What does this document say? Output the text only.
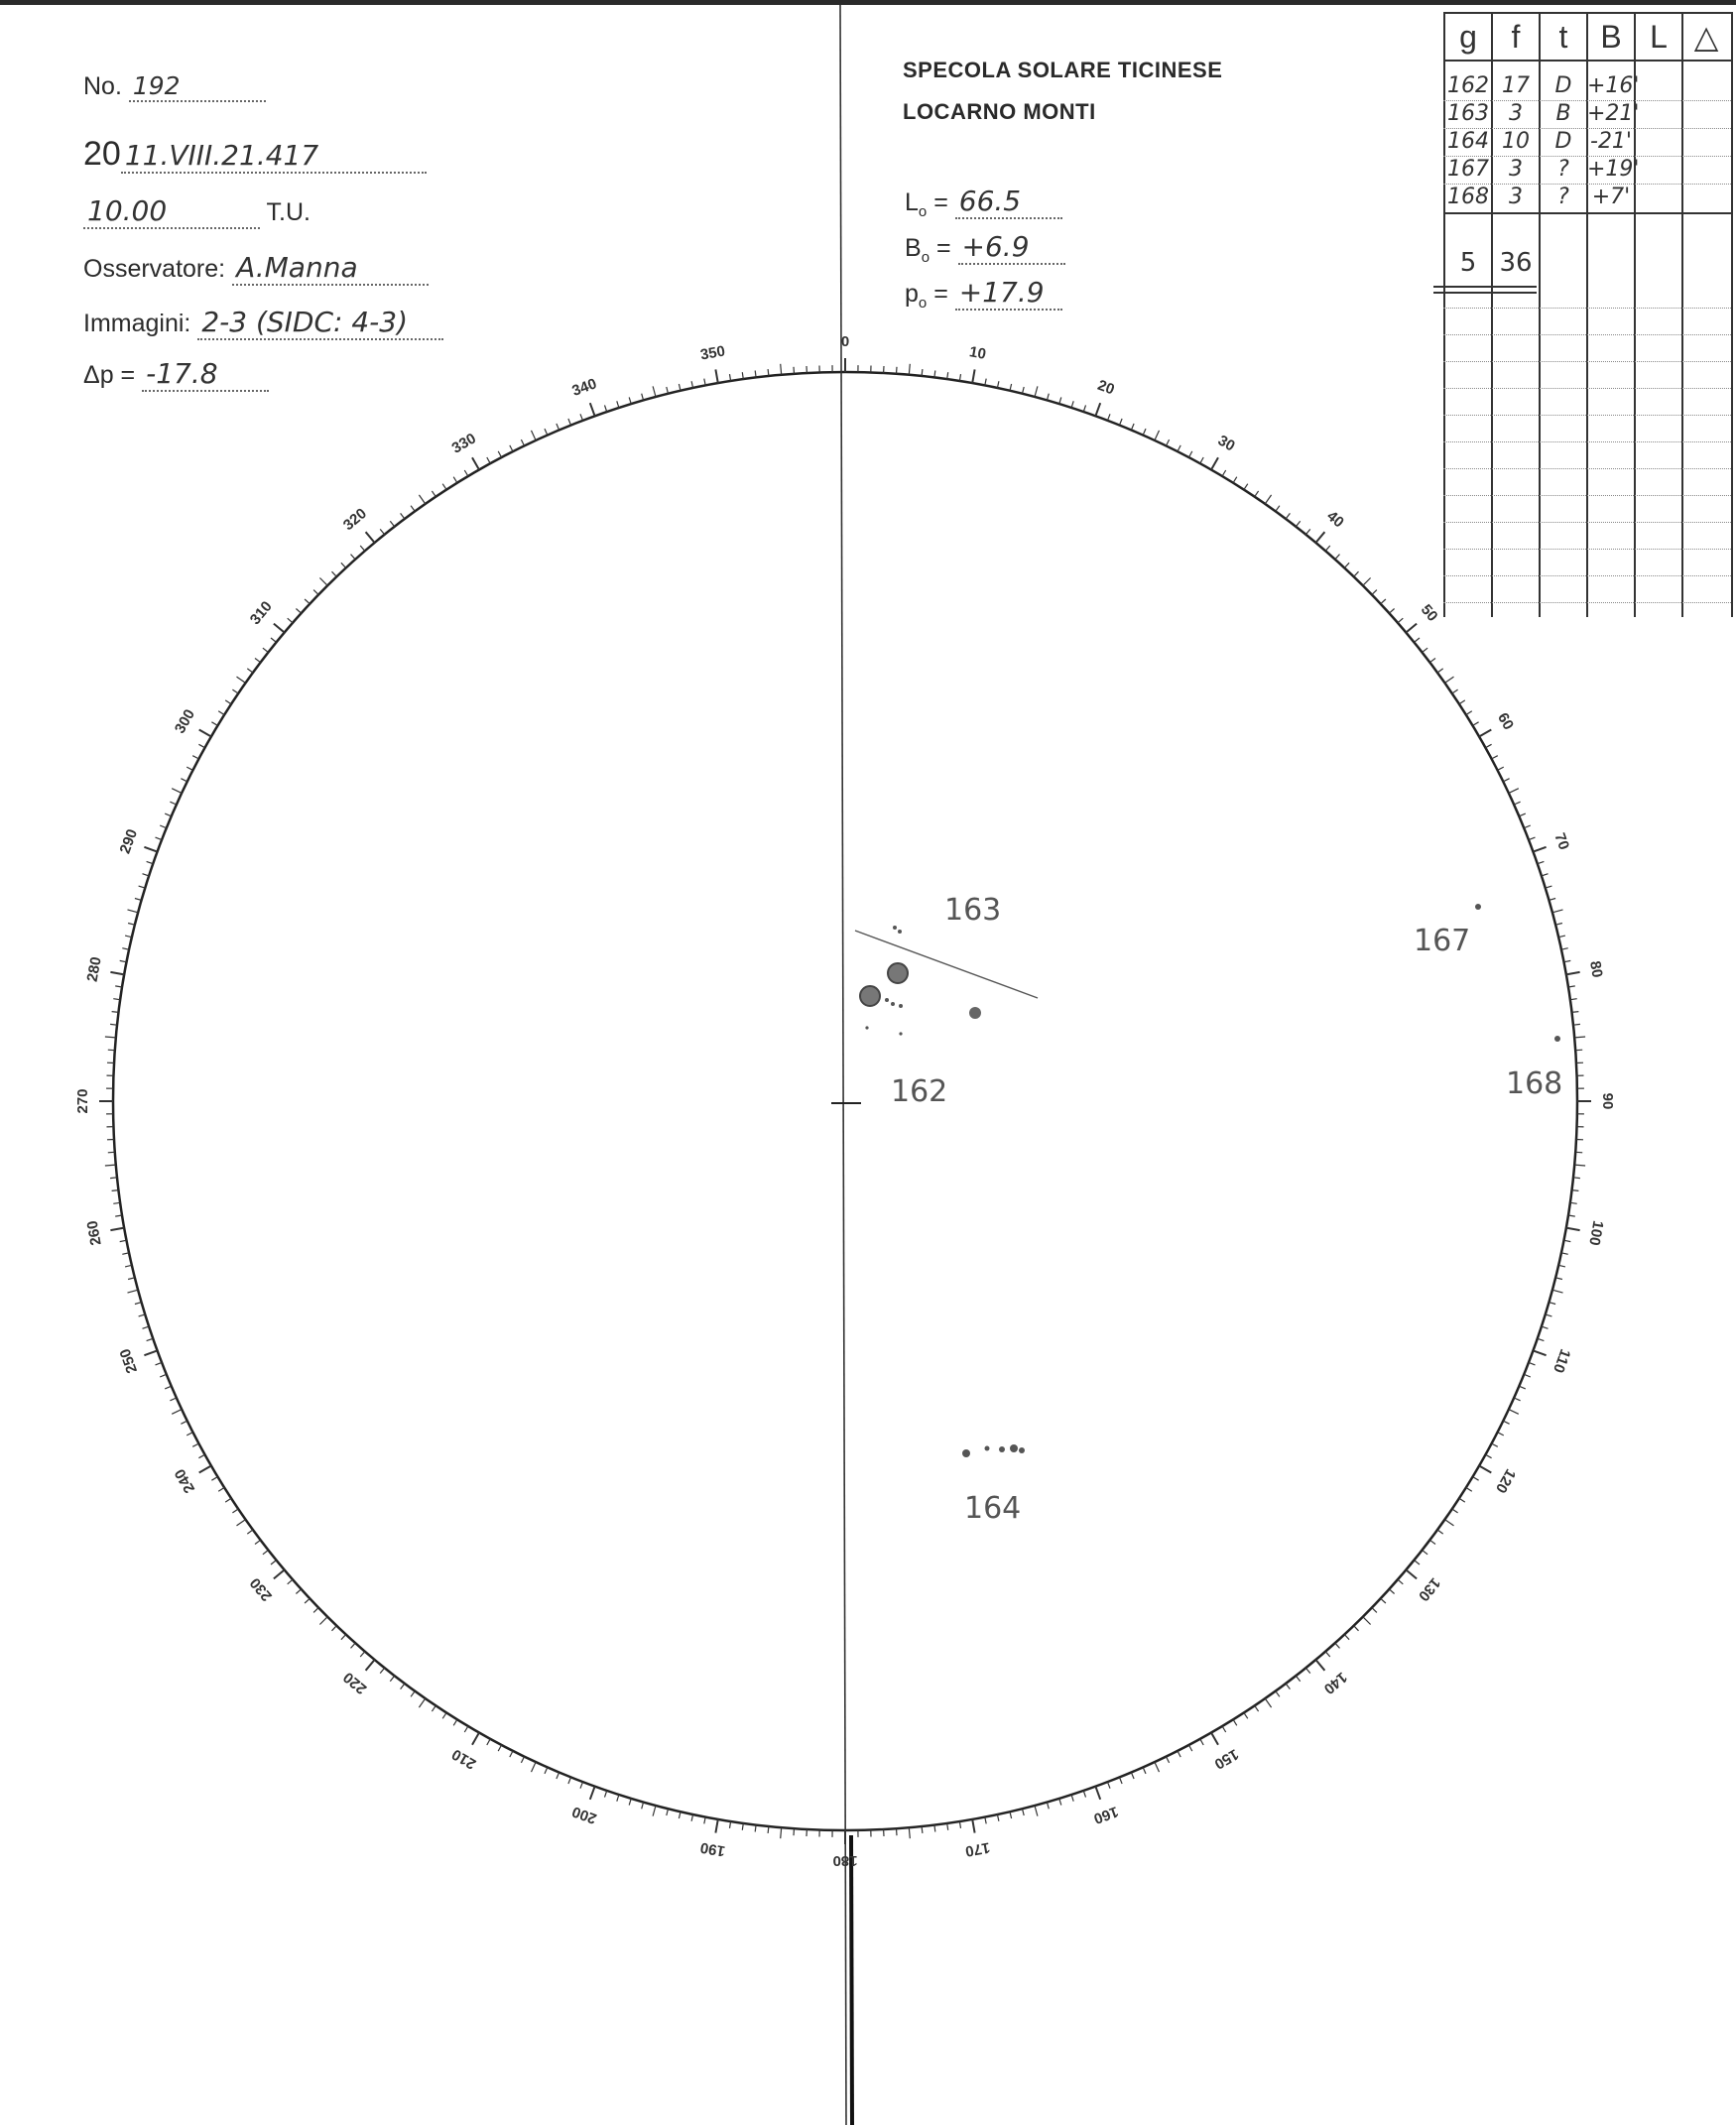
No. 192
20 11.VIII.21.417
10.00	T.U.
Osservatore: A.Manna
Immagini: 2-3 (SIDC: 4-3)
Δp = -17.8
SPECOLA SOLARE TICINESE
LOCARNO MONTI
$L_o = 66.5$
$B_o = +6.9$
$p_o = +17.9$
g	f	t	B L △
162 17	D +16'
163 3	B +21'
164 10	D -21'
167 3	? +19'
168 3	?	+7'
5 36
0
10
20
30
40
50
60
70
80
90
100
110
120
130
140
150
160
170
180
190
200
210
220
230
240
250
260
270
280
290
300
310
320
330
340
350
162
163
164
167
168
